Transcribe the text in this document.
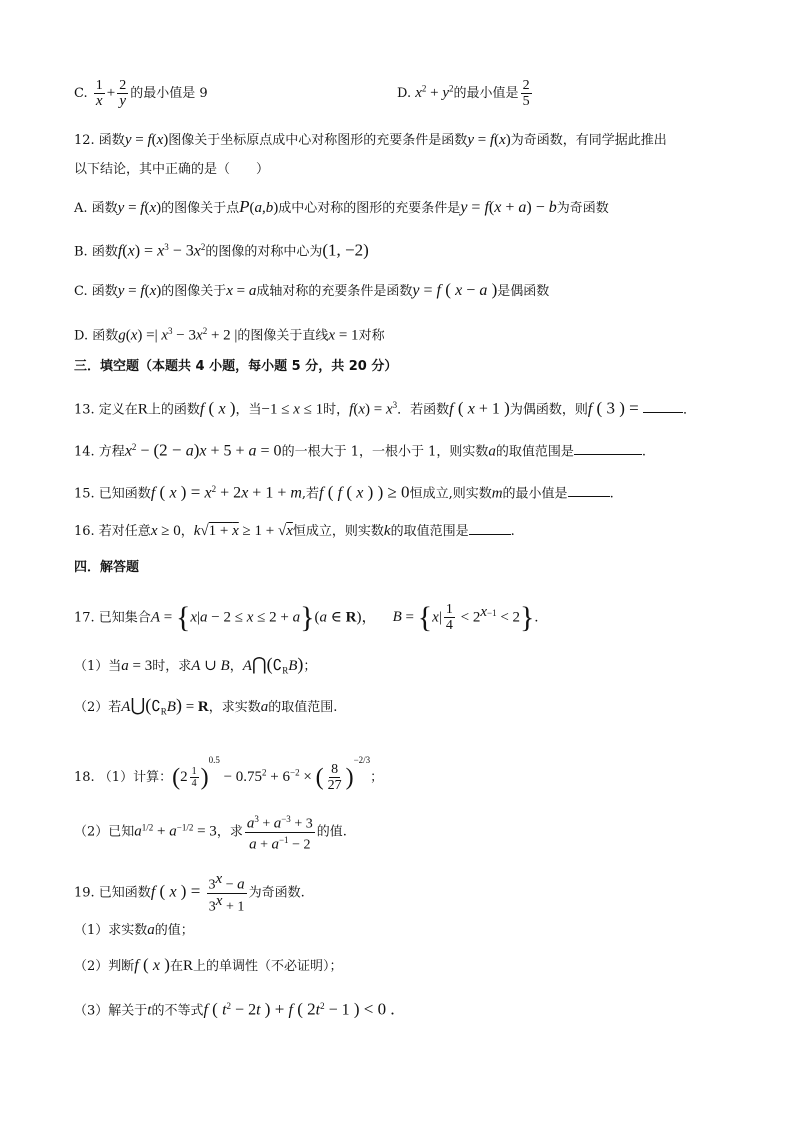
C. $\frac{1}{x} + \frac{2}{y}$ 的最小值是 9	D. $x^2 + y^2$的最小值是 $\frac{2}{5}$
12. 函数y = f(x)图像关于坐标原点成中心对称图形的充要条件是函数y = f(x)为奇函数，有同学据此推出
以下结论，其中正确的是（　　）
A. 函数y = f(x)的图像关于点P(a,b)成中心对称的图形的充要条件是y = f(x + a) − b为奇函数
B. 函数$f(x) = x^3 - 3x^2$的图像的对称中心为(1, −2)
C. 函数y = f(x)的图像关于x = a成轴对称的充要条件是函数y = f ( x − a )是偶函数
D. 函数g(x) =| $x^3 - 3x^2 + 2$ |的图像关于直线x = 1对称
三．填空题（本题共 4 小题，每小题 5 分，共 20 分）
13. 定义在R上的函数f ( x )，当−1 ≤ x ≤ 1时，$f(x) = x^3$．若函数f ( x + 1 )为偶函数，则f ( 3 ) =	．
14. 方程$x^2 - (2 - a)x + 5 + a = 0$的一根大于 1，一根小于 1，则实数a的取值范围是	.
15. 已知函数f ( x ) = $x^2 + 2x + 1 + m$,若f ( f ( x ) ) ≥ 0恒成立,则实数m的最小值是	.
16. 若对任意x ≥ 0，k√1 + x ≥ 1 + √x恒成立，则实数k的取值范围是	.
四．解答题
17. 已知集合A = {x|a − 2 ≤ x ≤ 2 + a}(a ∈ R)， $B = \{x| \frac{1}{4} < 2^{x-1} < 2\}$.
（1）当a = 3时，求A ∪ B，$A⋂(∁_RB)$；
（2）若$A⋃(∁_RB) = R$，求实数a的取值范围.
18. （1）计算：$(2 \frac{1}{4} )^{0.5} - 0.75^2 + 6^{-2}$ × ( $\frac{8}{27} )^{-2/3}$；
（2）已知$a^{1/2} + a^{-1/2} = 3$，求 $\frac{a^3 + a^{-3} + 3}{a + a^{-1} - 2}$ 的值.
19. 已知函数f ( x ) = $\frac{3^x - a}{3^x + 1}$ 为奇函数.
（1）求实数a的值；
（2）判断f ( x )在R上的单调性（不必证明）；
（3）解关于t的不等式f ( $t^2 - 2t$ ) + f ( $2t^2 - 1$ ) < 0 .
